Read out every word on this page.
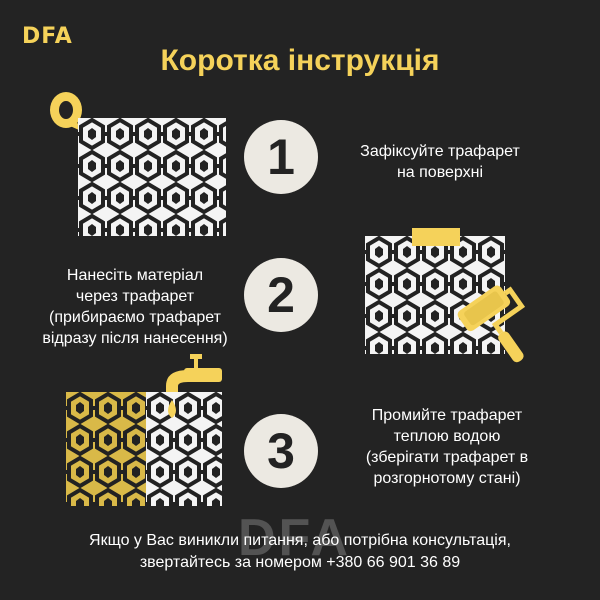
DFA
Коротка інструкція
1	Зафіксуйте трафарет
на поверхні
Нанесіть матеріал
через трафарет
(прибираємо трафарет
відразу після нанесення)
2
3
Промийте трафарет
теплою водою
(зберігати трафарет в
розгорнотому стані)
DFA
Якщо у Вас виникли питання, або потрібна консультація,
звертайтесь за номером +380 66 901 36 89
